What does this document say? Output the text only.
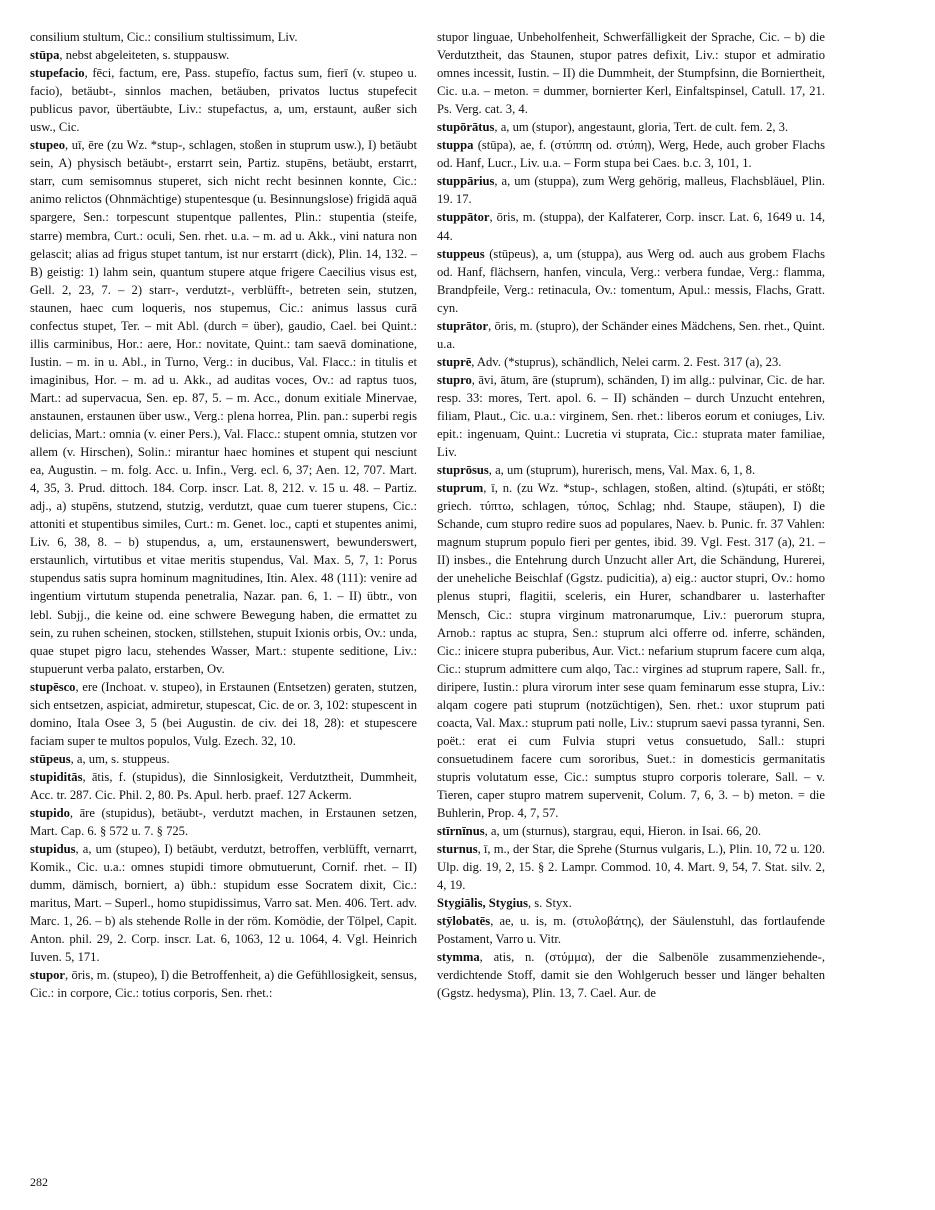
consilium stultum, Cic.: consilium stultissimum, Liv.

stūpa, nebst abgeleiteten, s. stuppausw.

stupefacio, fēci, factum, ere, Pass. stupefīo, factus sum, fierī (v. stupeo u. facio), betäubt-, sinnlos machen, betäuben, privatos luctus stupefecit publicus pavor, übertäubte, Liv.: stupefactus, a, um, erstaunt, außer sich usw., Cic.

stupeo, uī, ēre (zu Wz. *stup-, schlagen, stoßen in stuprum usw.), I) betäubt sein, A) physisch betäubt-, erstarrt sein, Partiz. stupēns, betäubt, erstarrt, starr, cum semisomnus stuperet, sich nicht recht besinnen konnte, Cic.: animo relictos (Ohnmächtige) stupentesque (u. Besinnungslose) frigidā aquā spargere, Sen.: torpescunt stupentque pallentes, Plin.: stupentia (steife, starre) membra, Curt.: oculi, Sen. rhet. u.a. – m. ad u. Akk., vini natura non gelascit; alias ad frigus stupet tantum, ist nur erstarrt (dick), Plin. 14, 132. – B) geistig: 1) lahm sein, quantum stupere atque frigere Caecilius visus est, Gell. 2, 23, 7. – 2) starr-, verdutzt-, verblüfft-, betreten sein, stutzen, staunen, haec cum loqueris, nos stupemus, Cic.: animus lassus curā confectus stupet, Ter. – mit Abl. (durch = über), gaudio, Cael. bei Quint.: illis carminibus, Hor.: aere, Hor.: novitate, Quint.: tam saevā dominatione, Iustin. – m. in u. Abl., in Turno, Verg.: in ducibus, Val. Flacc.: in titulis et imaginibus, Hor. – m. ad u. Akk., ad auditas voces, Ov.: ad raptus tuos, Mart.: ad supervacua, Sen. ep. 87, 5. – m. Acc., donum exitiale Minervae, anstaunen, erstaunen über usw., Verg.: plena horrea, Plin. pan.: superbi regis delicias, Mart.: omnia (v. einer Pers.), Val. Flacc.: stupent omnia, stutzen vor allem (v. Hirschen), Solin.: mirantur haec homines et stupent qui nesciunt ea, Augustin. – m. folg. Acc. u. Infin., Verg. ecl. 6, 37; Aen. 12, 707. Mart. 4, 35, 3. Prud. dittoch. 184. Corp. inscr. Lat. 8, 212. v. 15 u. 48. – Partiz. adj., a) stupēns, stutzend, stutzig, verdutzt, quae cum tuerer stupens, Cic.: attoniti et stupentibus similes, Curt.: m. Genet. loc., capti et stupentes animi, Liv. 6, 38, 8. – b) stupendus, a, um, erstaunenswert, bewunderswert, erstaunlich, virtutibus et vitae meritis stupendus, Val. Max. 5, 7, 1: Porus stupendus satis supra hominum magnitudines, Itin. Alex. 48 (111): venire ad ingentium virtutum stupenda penetralia, Nazar. pan. 6, 1. – II) übtr., von lebl. Subjj., die keine od. eine schwere Bewegung haben, die ermattet zu sein, zu ruhen scheinen, stocken, stillstehen, stupuit Ixionis orbis, Ov.: unda, quae stupet pigro lacu, stehendes Wasser, Mart.: stupente seditione, Liv.: stupuerunt verba palato, erstarben, Ov.

stupēsco, ere (Inchoat. v. stupeo), in Erstaunen (Entsetzen) geraten, stutzen, sich entsetzen, aspiciat, admiretur, stupescat, Cic. de or. 3, 102: stupescent in domino, Itala Osee 3, 5 (bei Augustin. de civ. dei 18, 28): et stupescere faciam super te multos populos, Vulg. Ezech. 32, 10.

stūpeus, a, um, s. stuppeus.

stupiditās, ātis, f. (stupidus), die Sinnlosigkeit, Verdutztheit, Dummheit, Acc. tr. 287. Cic. Phil. 2, 80. Ps. Apul. herb. praef. 127 Ackerm.

stupido, āre (stupidus), betäubt-, verdutzt machen, in Erstaunen setzen, Mart. Cap. 6. § 572 u. 7. § 725.

stupidus, a, um (stupeo), I) betäubt, verdutzt, betroffen, verblüfft, vernarrt, Komik., Cic. u.a.: omnes stupidi timore obmutuerunt, Cornif. rhet. – II) dumm, dämisch, borniert, a) übh.: stupidum esse Socratem dixit, Cic.: maritus, Mart. – Superl., homo stupidissimus, Varro sat. Men. 406. Tert. adv. Marc. 1, 26. – b) als stehende Rolle in der röm. Komödie, der Tölpel, Capit. Anton. phil. 29, 2. Corp. inscr. Lat. 6, 1063, 12 u. 1064, 4. Vgl. Heinrich Iuven. 5, 171.

stupor, ōris, m. (stupeo), I) die Betroffenheit, a) die Gefühllosigkeit, sensus, Cic.: in corpore, Cic.: totius corporis, Sen. rhet.:

stupor linguae, Unbeholfenheit, Schwerfälligkeit der Sprache, Cic. – b) die Verdutztheit, das Staunen, stupor patres defixit, Liv.: stupor et admiratio omnes incessit, Iustin. – II) die Dummheit, der Stumpfsinn, die Borniertheit, Cic. u.a. – meton. = dummer, bornierter Kerl, Einfaltspinsel, Catull. 17, 21. Ps. Verg. cat. 3, 4.

stupōrātus, a, um (stupor), angestaunt, gloria, Tert. de cult. fem. 2, 3.

stuppa (stūpa), ae, f. (στύππη od. στύπη), Werg, Hede, auch grober Flachs od. Hanf, Lucr., Liv. u.a. – Form stupa bei Caes. b.c. 3, 101, 1.

stuppārius, a, um (stuppa), zum Werg gehörig, malleus, Flachsbläuel, Plin. 19. 17.

stuppātor, ōris, m. (stuppa), der Kalfaterer, Corp. inscr. Lat. 6, 1649 u. 14, 44.

stuppeus (stūpeus), a, um (stuppa), aus Werg od. auch aus grobem Flachs od. Hanf, flächsern, hanfen, vincula, Verg.: verbera fundae, Verg.: flamma, Brandpfeile, Verg.: retinacula, Ov.: tomentum, Apul.: messis, Flachs, Gratt. cyn.

stuprātor, ōris, m. (stupro), der Schänder eines Mädchens, Sen. rhet., Quint. u.a.

stuprē, Adv. (*stuprus), schändlich, Nelei carm. 2. Fest. 317 (a), 23.

stupro, āvi, ātum, āre (stuprum), schänden, I) im allg.: pulvinar, Cic. de har. resp. 33: mores, Tert. apol. 6. – II) schänden – durch Unzucht entehren, filiam, Plaut., Cic. u.a.: virginem, Sen. rhet.: liberos eorum et coniuges, Liv. epit.: ingenuam, Quint.: Lucretia vi stuprata, Cic.: stuprata mater familiae, Liv.

stuprōsus, a, um (stuprum), hurerisch, mens, Val. Max. 6, 1, 8.

stuprum, ī, n. (zu Wz. *stup-, schlagen, stoßen, altind. (s)tupáti, er stößt; griech. τύπτω, schlagen, τύπος, Schlag; nhd. Staupe, stäupen), I) die Schande, cum stupro redire suos ad populares, Naev. b. Punic. fr. 37 Vahlen: magnum stuprum populo fieri per gentes, ibid. 39. Vgl. Fest. 317 (a), 21. – II) insbes., die Entehrung durch Unzucht aller Art, die Schändung, Hurerei, der uneheliche Beischlaf (Ggstz. pudicitia), a) eig.: auctor stupri, Ov.: homo plenus stupri, flagitii, sceleris, ein Hurer, schandbarer u. lasterhafter Mensch, Cic.: stupra virginum matronarumque, Liv.: puerorum stupra, Arnob.: raptus ac stupra, Sen.: stuprum alci offerre od. inferre, schänden, Cic.: inicere stupra puberibus, Aur. Vict.: nefarium stuprum facere cum alqa, Cic.: stuprum admittere cum alqo, Tac.: virgines ad stuprum rapere, Sall. fr., diripere, Iustin.: plura virorum inter sese quam feminarum esse stupra, Liv.: alqam cogere pati stuprum (notzüchtigen), Sen. rhet.: uxor stuprum pati coacta, Val. Max.: stuprum pati nolle, Liv.: stuprum saevi passa tyranni, Sen. poët.: erat ei cum Fulvia stupri vetus consuetudo, Sall.: stupri consuetudinem facere cum sororibus, Suet.: in domesticis germanitatis stupris volutatum esse, Cic.: sumptus stupro corporis tolerare, Sall. – v. Tieren, caper stupro matrem supervenit, Colum. 7, 6, 3. – b) meton. = die Buhlerin, Prop. 4, 7, 57.

stīrnīnus, a, um (sturnus), stargrau, equi, Hieron. in Isai. 66, 20.

sturnus, ī, m., der Star, die Sprehe (Sturnus vulgaris, L.), Plin. 10, 72 u. 120. Ulp. dig. 19, 2, 15. § 2. Lampr. Commod. 10, 4. Mart. 9, 54, 7. Stat. silv. 2, 4, 19.

Stygiālis, Stygius, s. Styx.

stȳlobatēs, ae, u. is, m. (στυλοβάτης), der Säulenstuhl, das fortlaufende Postament, Varro u. Vitr.

stymma, atis, n. (στύμμα), der die Salbenöle zusammenziehende-, verdichtende Stoff, damit sie den Wohlgeruch besser und länger behalten (Ggstz. hedysma), Plin. 13, 7. Cael. Aur. de

282
